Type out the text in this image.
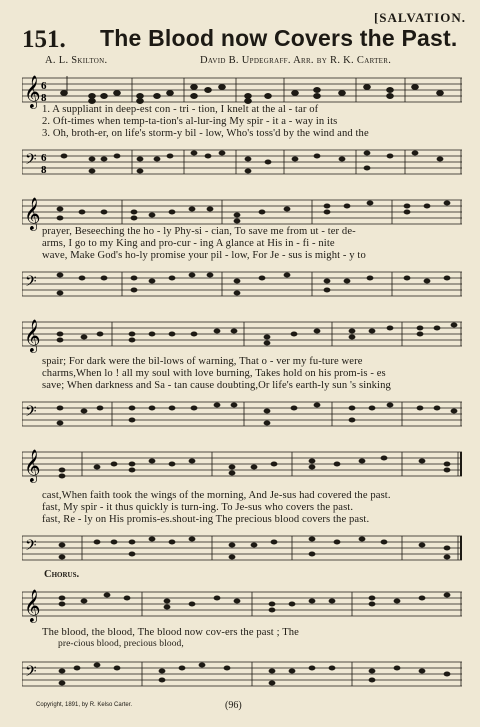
[SALVATION.
151. The Blood now Covers the Past.
A. L. Skilton.	David B. Updegraff. Arr. by R. K. Carter.
𝄞 6
8
1. A suppliant in deep-est con - tri - tion, I knelt at the al - tar of
2. Oft-times when temp-ta-tion's al-lur-ing My spir - it a - way in its
3. Oh, broth-er, on life's storm-y bil - low, Who's toss'd by the wind and the
𝄢 6
8
𝄞
prayer, Beseeching the ho - ly Phy-si - cian, To save me from ut - ter de-
arms, I go to my King and pro-cur - ing A glance at His in - fi - nite
wave, Make God's ho-ly promise your pil - low, For Je - sus is might - y to
𝄢
𝄞
spair; For dark were the bil-lows of warning, That o - ver my fu-ture were
charms,When lo ! all my soul with love burning, Takes hold on his prom-is - es
save; When darkness and Sa - tan cause doubting,Or life's earth-ly sun 's sinking
𝄢
𝄞
cast,When faith took the wings of the morning, And Je-sus had covered the past.
fast, My spir - it thus quickly is turn-ing. To Je-sus who covers the past.
fast, Re - ly on His promis-es.shout-ing The precious blood covers the past.
𝄢
Chorus.
𝄞
The blood, the blood, The blood now cov-ers the past ; The
pre-cious blood, precious blood,
𝄢
Copyright, 1891, by R. Kelso Carter.	(96)
